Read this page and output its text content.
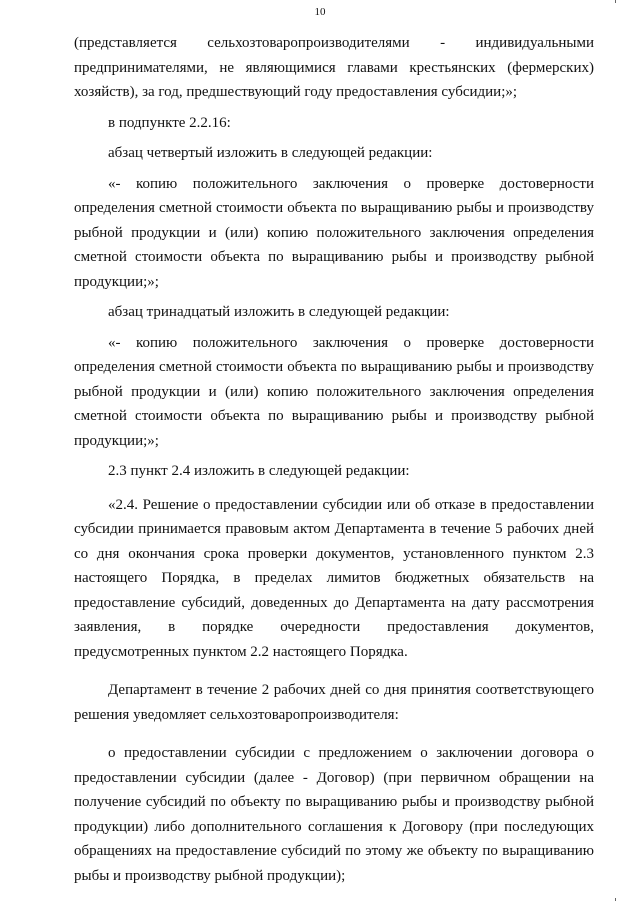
10

(представляется сельхозтоваропроизводителями - индивидуальными предпринимателями, не являющимися главами крестьянских (фермерских) хозяйств), за год, предшествующий году предоставления субсидии;»;

в подпункте 2.2.16:

абзац четвертый изложить в следующей редакции:

«- копию положительного заключения о проверке достоверности определения сметной стоимости объекта по выращиванию рыбы и производству рыбной продукции и (или) копию положительного заключения определения сметной стоимости объекта по выращиванию рыбы и производству рыбной продукции;»;

абзац тринадцатый изложить в следующей редакции:

«- копию положительного заключения о проверке достоверности определения сметной стоимости объекта по выращиванию рыбы и производству рыбной продукции и (или) копию положительного заключения определения сметной стоимости объекта по выращиванию рыбы и производству рыбной продукции;»;

2.3 пункт 2.4 изложить в следующей редакции:

«2.4. Решение о предоставлении субсидии или об отказе в предоставлении субсидии принимается правовым актом Департамента в течение 5 рабочих дней со дня окончания срока проверки документов, установленного пунктом 2.3 настоящего Порядка, в пределах лимитов бюджетных обязательств на предоставление субсидий, доведенных до Департамента на дату рассмотрения заявления, в порядке очередности предоставления документов, предусмотренных пунктом 2.2 настоящего Порядка.

Департамент в течение 2 рабочих дней со дня принятия соответствующего решения уведомляет сельхозтоваропроизводителя:

о предоставлении субсидии с предложением о заключении договора о предоставлении субсидии (далее - Договор) (при первичном обращении на получение субсидий по объекту по выращиванию рыбы и производству рыбной продукции) либо дополнительного соглашения к Договору (при последующих обращениях на предоставление субсидий по этому же объекту по выращиванию рыбы и производству рыбной продукции);
